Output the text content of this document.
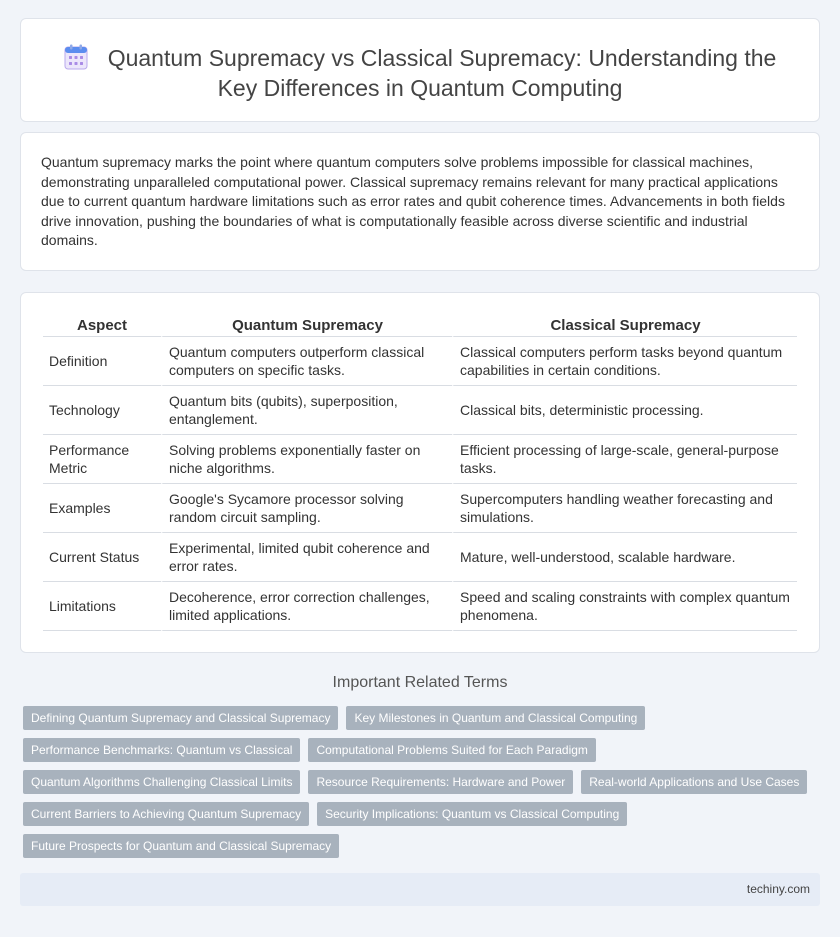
Quantum Supremacy vs Classical Supremacy: Understanding the Key Differences in Quantum Computing

Quantum supremacy marks the point where quantum computers solve problems impossible for classical machines, demonstrating unparalleled computational power. Classical supremacy remains relevant for many practical applications due to current quantum hardware limitations such as error rates and qubit coherence times. Advancements in both fields drive innovation, pushing the boundaries of what is computationally feasible across diverse scientific and industrial domains.

Aspect	Quantum Supremacy	Classical Supremacy
Definition	Quantum computers outperform classical computers on specific tasks.	Classical computers perform tasks beyond quantum capabilities in certain conditions.
Technology	Quantum bits (qubits), superposition, entanglement.	Classical bits, deterministic processing.
Performance Metric	Solving problems exponentially faster on niche algorithms.	Efficient processing of large-scale, general-purpose tasks.
Examples	Google's Sycamore processor solving random circuit sampling.	Supercomputers handling weather forecasting and simulations.
Current Status	Experimental, limited qubit coherence and error rates.	Mature, well-understood, scalable hardware.
Limitations	Decoherence, error correction challenges, limited applications.	Speed and scaling constraints with complex quantum phenomena.
Important Related Terms
Defining Quantum Supremacy and Classical Supremacy	Key Milestones in Quantum and Classical Computing
Performance Benchmarks: Quantum vs Classical	Computational Problems Suited for Each Paradigm
Quantum Algorithms Challenging Classical Limits	Resource Requirements: Hardware and Power	Real-world Applications and Use Cases
Current Barriers to Achieving Quantum Supremacy	Security Implications: Quantum vs Classical Computing
Future Prospects for Quantum and Classical Supremacy
techiny.com
